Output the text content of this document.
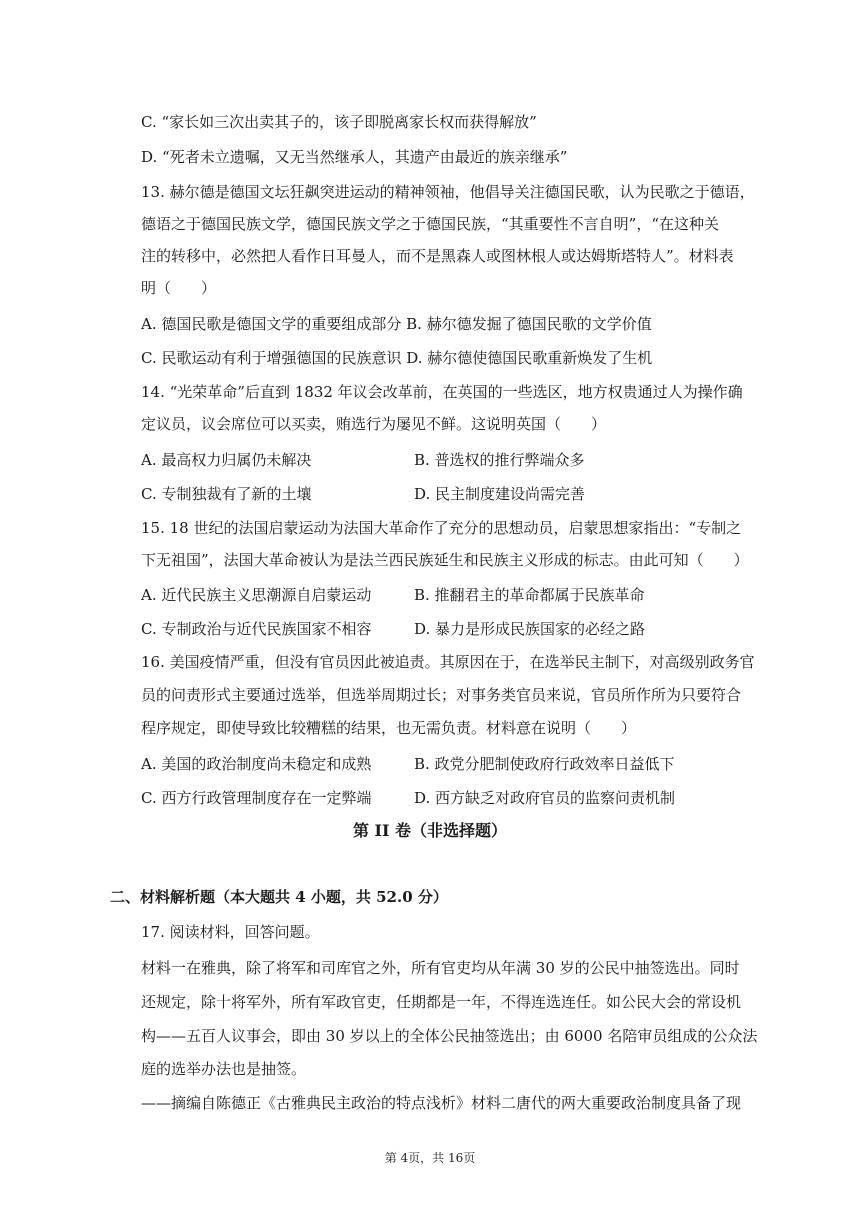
C. “家长如三次出卖其子的，该子即脱离家长权而获得解放”
D. “死者未立遗嘱，又无当然继承人，其遗产由最近的族亲继承”
13. 赫尔德是德国文坛狂飙突进运动的精神领袖，他倡导关注德国民歌，认为民歌之于德语，
德语之于德国民族文学，德国民族文学之于德国民族，“其重要性不言自明”，“在这种关
注的转移中，必然把人看作日耳曼人，而不是黑森人或图林根人或达姆斯塔特人”。材料表
明（　　）
A. 德国民歌是德国文学的重要组成部分 B. 赫尔德发掘了德国民歌的文学价值
C. 民歌运动有利于增强德国的民族意识 D. 赫尔德使德国民歌重新焕发了生机
14. “光荣革命”后直到 1832 年议会改革前，在英国的一些选区，地方权贵通过人为操作确
定议员，议会席位可以买卖，贿选行为屡见不鲜。这说明英国（　　）
A. 最高权力归属仍未解决	B. 普选权的推行弊端众多
C. 专制独裁有了新的土壤	D. 民主制度建设尚需完善
15. 18 世纪的法国启蒙运动为法国大革命作了充分的思想动员，启蒙思想家指出：“专制之
下无祖国”，法国大革命被认为是法兰西民族延生和民族主义形成的标志。由此可知（　　）
A. 近代民族主义思潮源自启蒙运动	B. 推翻君主的革命都属于民族革命
C. 专制政治与近代民族国家不相容	D. 暴力是形成民族国家的必经之路
16. 美国疫情严重，但没有官员因此被追责。其原因在于，在选举民主制下，对高级别政务官
员的问责形式主要通过选举，但选举周期过长；对事务类官员来说，官员所作所为只要符合
程序规定，即使导致比较糟糕的结果，也无需负责。材料意在说明（　　）
A. 美国的政治制度尚未稳定和成熟	B. 政党分肥制使政府行政效率日益低下
C. 西方行政管理制度存在一定弊端	D. 西方缺乏对政府官员的监察问责机制
第 II 卷（非选择题）
二、材料解析题（本大题共 4 小题，共 52.0 分）
17. 阅读材料，回答问题。
材料一在雅典，除了将军和司库官之外，所有官吏均从年满 30 岁的公民中抽签选出。同时
还规定，除十将军外，所有军政官吏，任期都是一年，不得连选连任。如公民大会的常设机
构——五百人议事会，即由 30 岁以上的全体公民抽签选出；由 6000 名陪审员组成的公众法
庭的选举办法也是抽签。
——摘编自陈德正《古雅典民主政治的特点浅析》材料二唐代的两大重要政治制度具备了现
第 4页，共 16页
